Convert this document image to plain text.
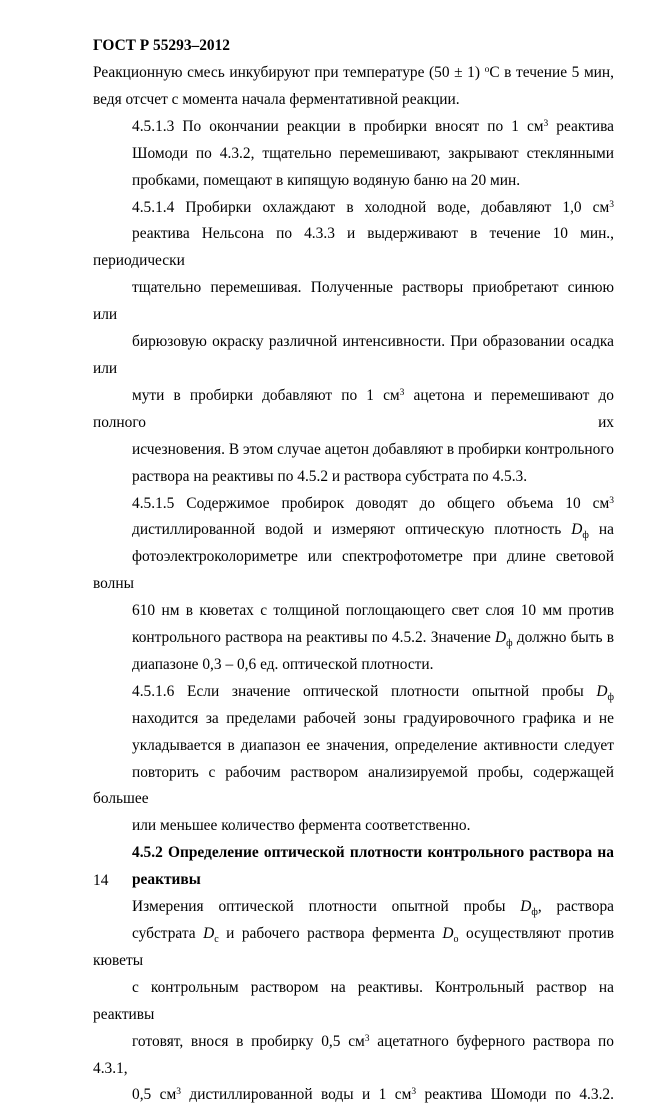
ГОСТ Р 55293–2012

Реакционную смесь инкубируют при температуре (50 ± 1) $^о$С в течение 5 мин,
ведя отсчет с момента начала ферментативной реакции.

4.5.1.3 По окончании реакции в пробирки вносят по 1 $см^3$ реактива
Шомоди по 4.3.2, тщательно перемешивают, закрывают стеклянными
пробками, помещают в кипящую водяную баню на 20 мин.

4.5.1.4 Пробирки охлаждают в холодной воде, добавляют 1,0 $см^3$
реактива Нельсона по 4.3.3 и выдерживают в течение 10 мин., периодически
тщательно перемешивая. Полученные растворы приобретают синюю или
бирюзовую окраску различной интенсивности. При образовании осадка или
мути в пробирки добавляют по 1 $см^3$ ацетона и перемешивают до полного их
исчезновения. В этом случае ацетон добавляют в пробирки контрольного
раствора на реактивы по 4.5.2 и раствора субстрата по 4.5.3.

4.5.1.5 Содержимое пробирок доводят до общего объема 10 $см^3$
дистиллированной водой и измеряют оптическую плотность $D_ф$ на
фотоэлектроколориметре или спектрофотометре при длине световой волны
610 нм в кюветах с толщиной поглощающего свет слоя 10 мм против
контрольного раствора на реактивы по 4.5.2. Значение $D_ф$ должно быть в
диапазоне 0,3 – 0,6 ед. оптической плотности.

4.5.1.6 Если значение оптической плотности опытной пробы $D_ф$
находится за пределами рабочей зоны градуировочного графика и не
укладывается в диапазон ее значения, определение активности следует
повторить с рабочим раствором анализируемой пробы, содержащей большее
или меньшее количество фермента соответственно.

4.5.2 Определение оптической плотности контрольного раствора на
реактивы

Измерения оптической плотности опытной пробы $D_ф$, раствора
субстрата $D_с$ и рабочего раствора фермента $D_о$ осуществляют против кюветы
с контрольным раствором на реактивы. Контрольный раствор на реактивы
готовят, внося в пробирку 0,5 $см^3$ ацетатного буферного раствора по 4.3.1,
0,5 $см^3$ дистиллированной воды и 1 $см^3$ реактива Шомоди по 4.3.2.

14
